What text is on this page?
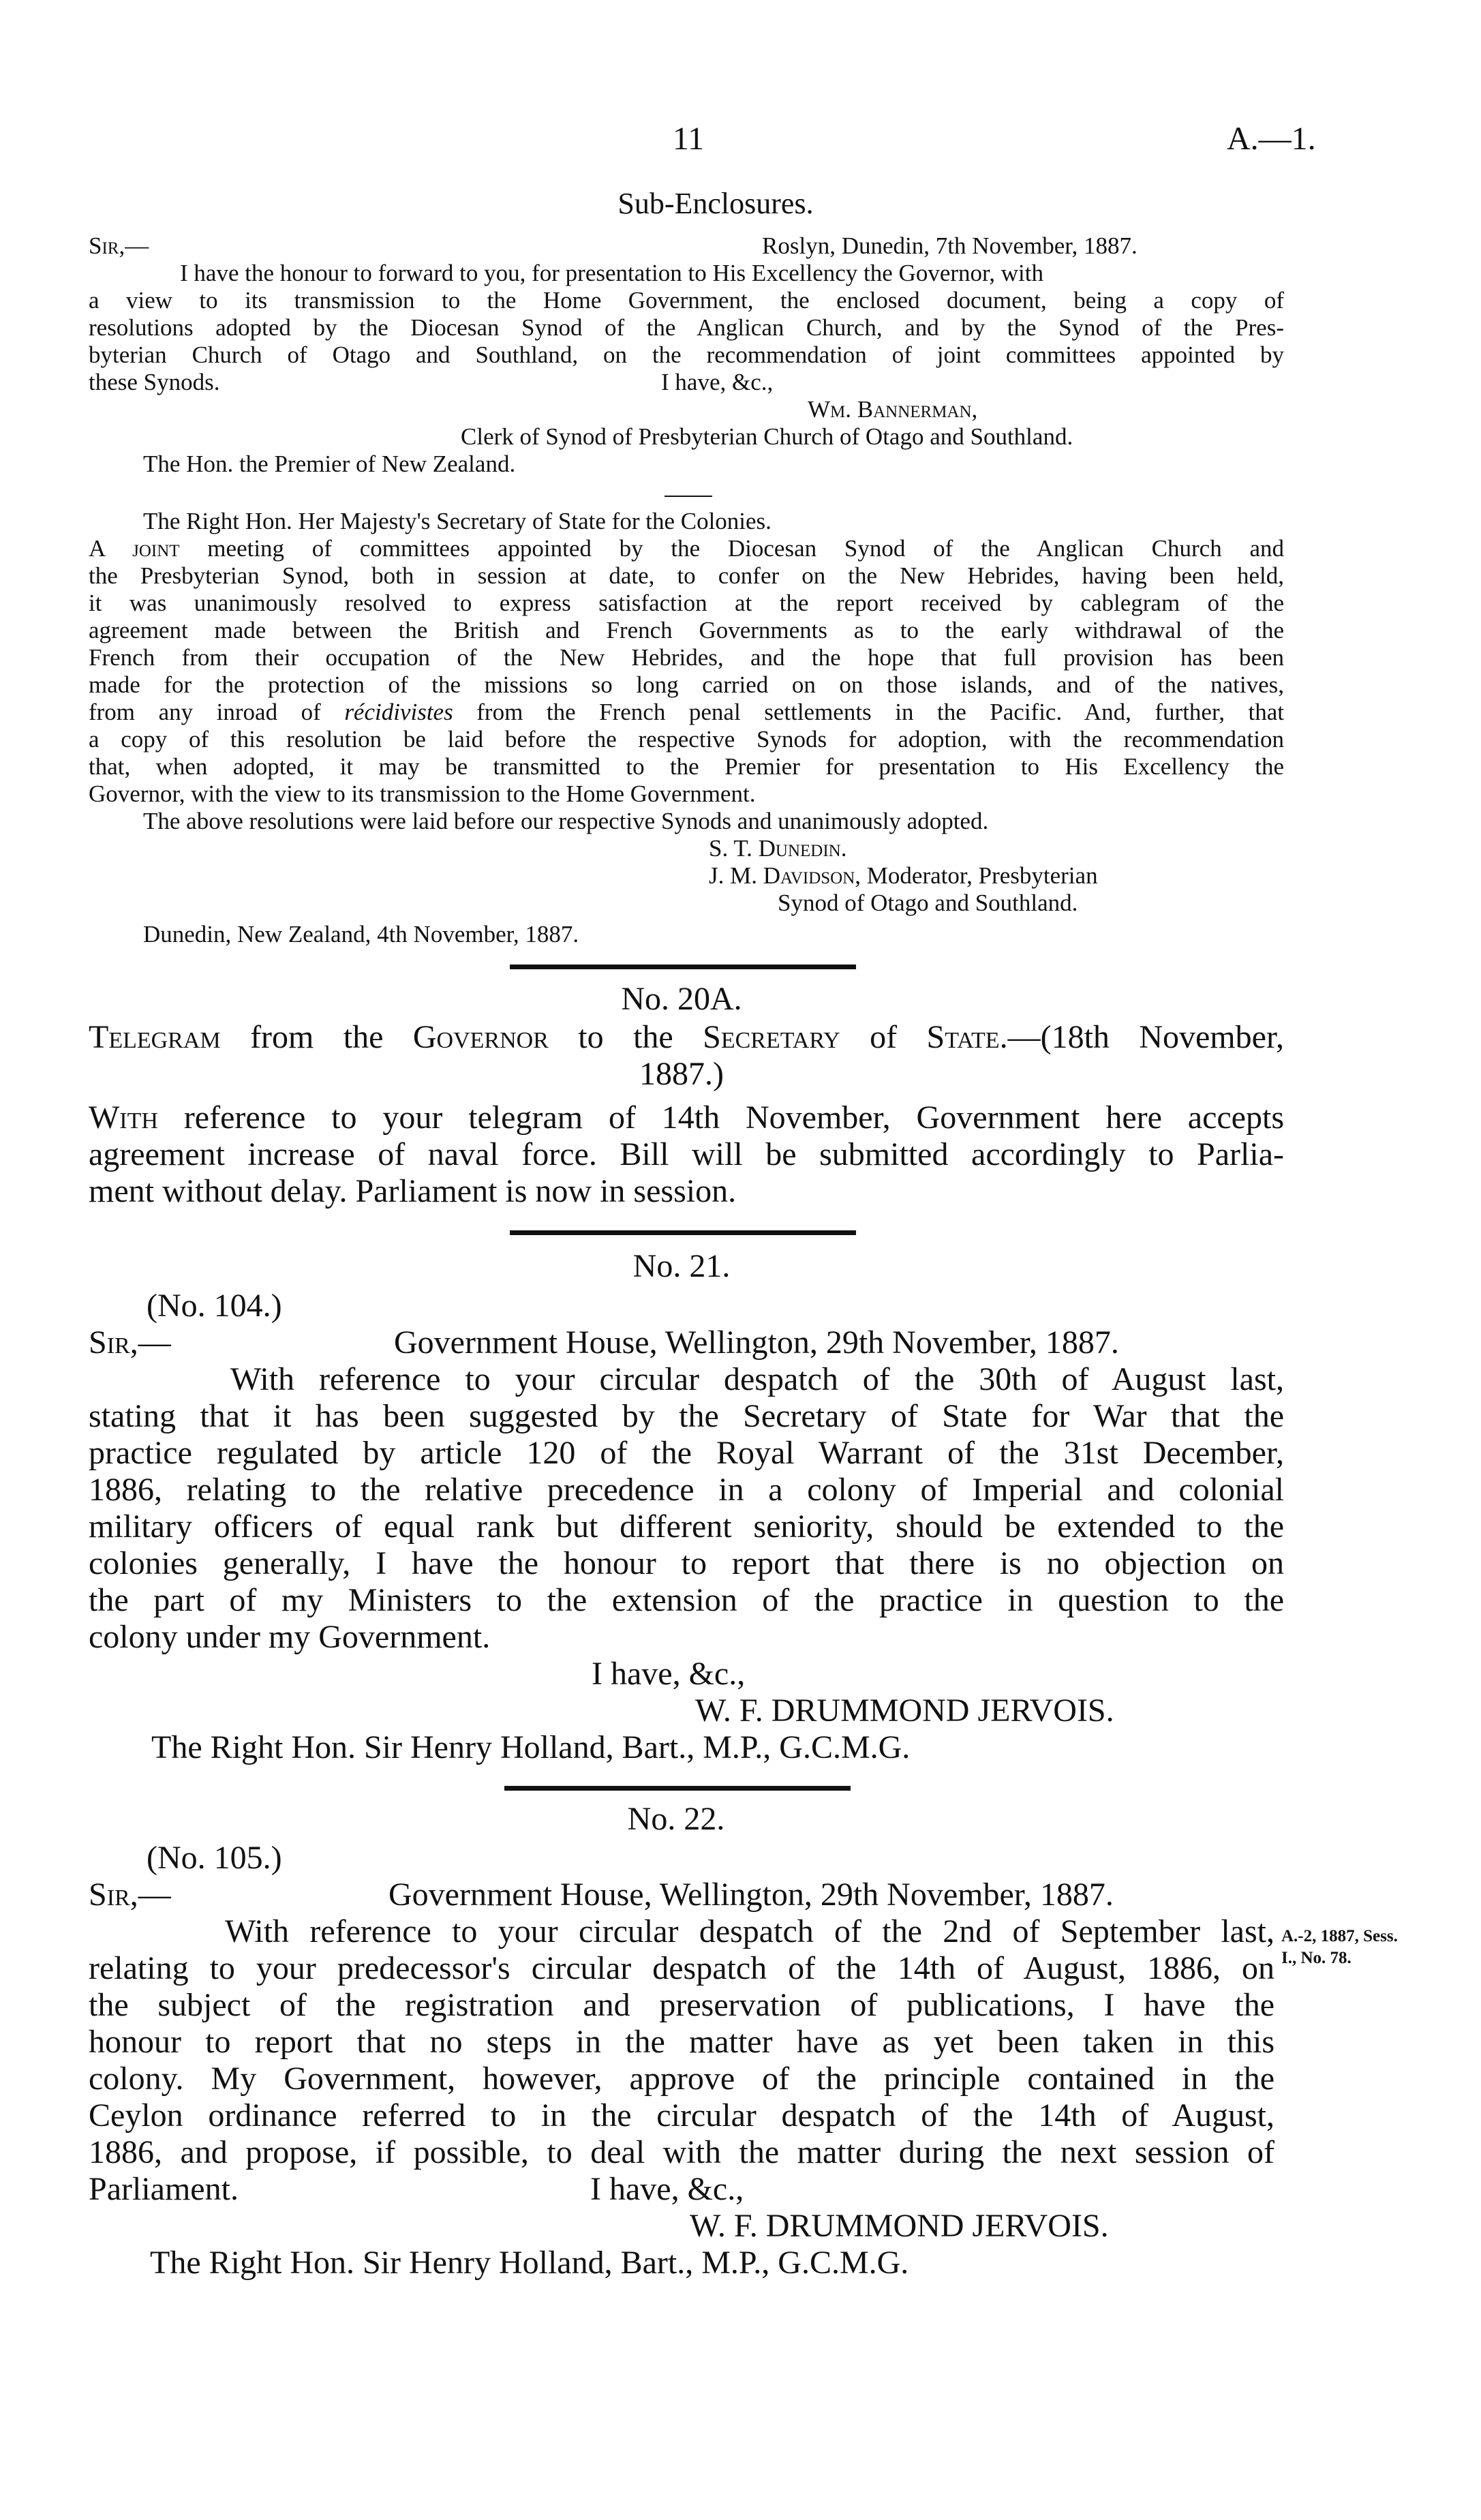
11	A.—1.
Sub-Enclosures.
Sir,—	Roslyn, Dunedin, 7th November, 1887.
I have the honour to forward to you, for presentation to His Excellency the Governor, with
a view to its transmission to the Home Government, the enclosed document, being a copy of
resolutions adopted by the Diocesan Synod of the Anglican Church, and by the Synod of the Pres-
byterian Church of Otago and Southland, on the recommendation of joint committees appointed by
these Synods.	I have, &c.,
Wm. Bannerman,
Clerk of Synod of Presbyterian Church of Otago and Southland.
The Hon. the Premier of New Zealand.
The Right Hon. Her Majesty's Secretary of State for the Colonies.
A joint meeting of committees appointed by the Diocesan Synod of the Anglican Church and
the Presbyterian Synod, both in session at date, to confer on the New Hebrides, having been held,
it was unanimously resolved to express satisfaction at the report received by cablegram of the
agreement made between the British and French Governments as to the early withdrawal of the
French from their occupation of the New Hebrides, and the hope that full provision has been
made for the protection of the missions so long carried on on those islands, and of the natives,
from any inroad of récidivistes from the French penal settlements in the Pacific. And, further, that
a copy of this resolution be laid before the respective Synods for adoption, with the recommendation
that, when adopted, it may be transmitted to the Premier for presentation to His Excellency the
Governor, with the view to its transmission to the Home Government.
The above resolutions were laid before our respective Synods and unanimously adopted.
S. T. Dunedin.
J. M. Davidson, Moderator, Presbyterian
Synod of Otago and Southland.
Dunedin, New Zealand, 4th November, 1887.
No. 20A.
Telegram from the Governor to the Secretary of State.—(18th November,
1887.)
With reference to your telegram of 14th November, Government here accepts
agreement increase of naval force. Bill will be submitted accordingly to Parlia-
ment without delay. Parliament is now in session.
No. 21.
(No. 104.)
Sir,—	Government House, Wellington, 29th November, 1887.
With reference to your circular despatch of the 30th of August last,
stating that it has been suggested by the Secretary of State for War that the
practice regulated by article 120 of the Royal Warrant of the 31st December,
1886, relating to the relative precedence in a colony of Imperial and colonial
military officers of equal rank but different seniority, should be extended to the
colonies generally, I have the honour to report that there is no objection on
the part of my Ministers to the extension of the practice in question to the
colony under my Government.
I have, &c.,
W. F. DRUMMOND JERVOIS.
The Right Hon. Sir Henry Holland, Bart., M.P., G.C.M.G.
No. 22.
(No. 105.)
Sir,—	Government House, Wellington, 29th November, 1887.
With reference to your circular despatch of the 2nd of September last,
relating to your predecessor's circular despatch of the 14th of August, 1886, on
the subject of the registration and preservation of publications, I have the
honour to report that no steps in the matter have as yet been taken in this
colony. My Government, however, approve of the principle contained in the
Ceylon ordinance referred to in the circular despatch of the 14th of August,
1886, and propose, if possible, to deal with the matter during the next session of
Parliament.	I have, &c.,
W. F. DRUMMOND JERVOIS.
The Right Hon. Sir Henry Holland, Bart., M.P., G.C.M.G.
A.-2, 1887, Sess.
I., No. 78.
